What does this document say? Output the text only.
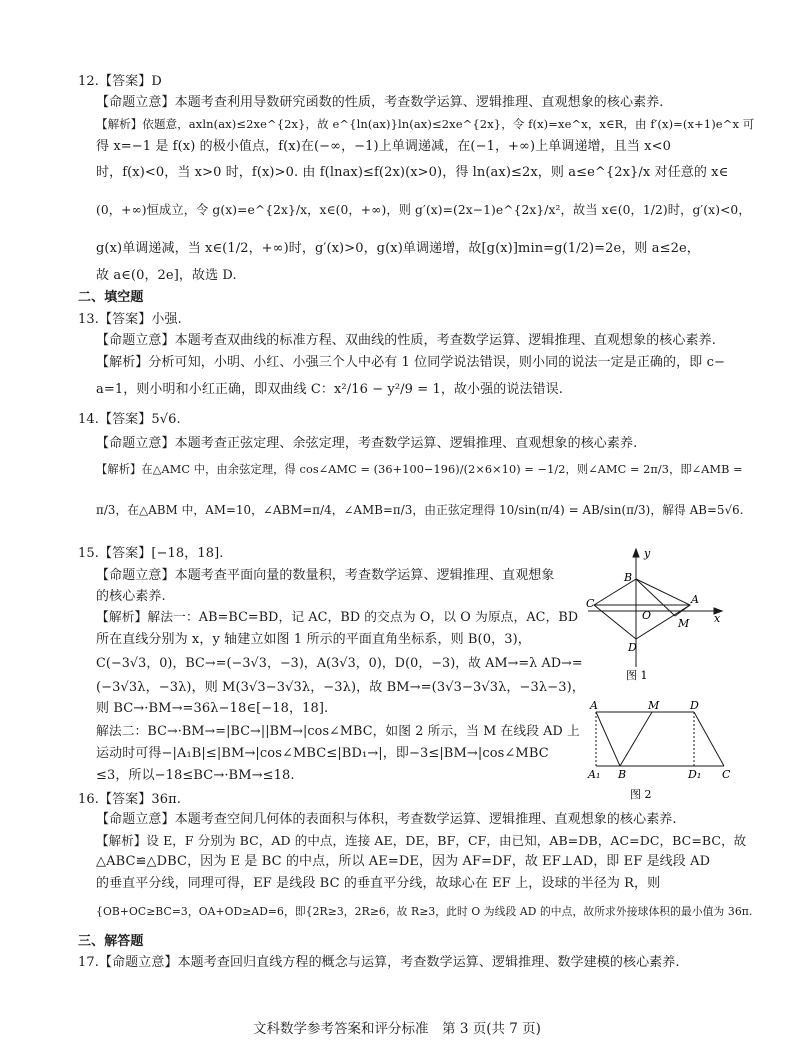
12.【答案】D
【命题立意】本题考查利用导数研究函数的性质，考查数学运算、逻辑推理、直观想象的核心素养.
【解析】依题意，axln(ax)≤2xe^{2x}，故 e^{ln(ax)}ln(ax)≤2xe^{2x}，令 f(x)=xe^x，x∈R，由 f′(x)=(x+1)e^x 可
得 x=−1 是 f(x) 的极小值点，f(x)在(−∞，−1)上单调递减，在(−1，+∞)上单调递增，且当 x<0
时，f(x)<0，当 x>0 时，f(x)>0. 由 f(lnax)≤f(2x)(x>0)，得 ln(ax)≤2x，则 a≤e^{2x}/x 对任意的 x∈
(0，+∞)恒成立，令 g(x)=e^{2x}/x，x∈(0，+∞)，则 g′(x)=(2x−1)e^{2x}/x²，故当 x∈(0，1/2)时，g′(x)<0，
g(x)单调递减，当 x∈(1/2，+∞)时，g′(x)>0，g(x)单调递增，故[g(x)]min=g(1/2)=2e，则 a≤2e，
故 a∈(0，2e]，故选 D.
二、填空题
13.【答案】小强.
【命题立意】本题考查双曲线的标准方程、双曲线的性质，考查数学运算、逻辑推理、直观想象的核心素养.
【解析】分析可知，小明、小红、小强三个人中必有 1 位同学说法错误，则小同的说法一定是正确的，即 c−
a=1，则小明和小红正确，即双曲线 C：x²/16 − y²/9 = 1，故小强的说法错误.
14.【答案】5√6.
【命题立意】本题考查正弦定理、余弦定理，考查数学运算、逻辑推理、直观想象的核心素养.
【解析】在△AMC 中，由余弦定理，得 cos∠AMC = (36+100−196)/(2×6×10) = −1/2，则∠AMC = 2π/3，即∠AMB =
π/3，在△ABM 中，AM=10，∠ABM=π/4，∠AMB=π/3，由正弦定理得 10/sin(π/4) = AB/sin(π/3)，解得 AB=5√6.
15.【答案】[−18，18].
【命题立意】本题考查平面向量的数量积，考查数学运算、逻辑推理、直观想象
的核心素养.
【解析】解法一：AB=BC=BD，记 AC，BD 的交点为 O，以 O 为原点，AC，BD
所在直线分别为 x，y 轴建立如图 1 所示的平面直角坐标系，则 B(0，3)，
C(−3√3，0)，BC→=(−3√3，−3)，A(3√3，0)，D(0，−3)，故 AM→=λ AD→=
(−3√3λ，−3λ)，则 M(3√3−3√3λ，−3λ)，故 BM→=(3√3−3√3λ，−3λ−3)，
则 BC→·BM→=36λ−18∈[−18，18].
解法二：BC→·BM→=|BC→||BM→|cos∠MBC，如图 2 所示，当 M 在线段 AD 上
运动时可得−|A₁B|≤|BM→|cos∠MBC≤|BD₁→|，即−3≤|BM→|cos∠MBC
≤3，所以−18≤BC→·BM→≤18.
y
x
B
C
O
A
M
D
图 1
A	M	D
A₁ B	D₁ C
图 2
16.【答案】36π.
【命题立意】本题考查空间几何体的表面积与体积，考查数学运算、逻辑推理、直观想象的核心素养.
【解析】设 E，F 分别为 BC，AD 的中点，连接 AE，DE，BF，CF，由已知，AB=DB，AC=DC，BC=BC，故
△ABC≌△DBC，因为 E 是 BC 的中点，所以 AE=DE，因为 AF=DF，故 EF⊥AD，即 EF 是线段 AD
的垂直平分线，同理可得，EF 是线段 BC 的垂直平分线，故球心在 EF 上，设球的半径为 R，则
{OB+OC≥BC=3，OA+OD≥AD=6，即{2R≥3，2R≥6，故 R≥3，此时 O 为线段 AD 的中点，故所求外接球体积的最小值为 36π.
三、解答题
17.【命题立意】本题考查回归直线方程的概念与运算，考查数学运算、逻辑推理、数学建模的核心素养.
文科数学参考答案和评分标准　第 3 页(共 7 页)
